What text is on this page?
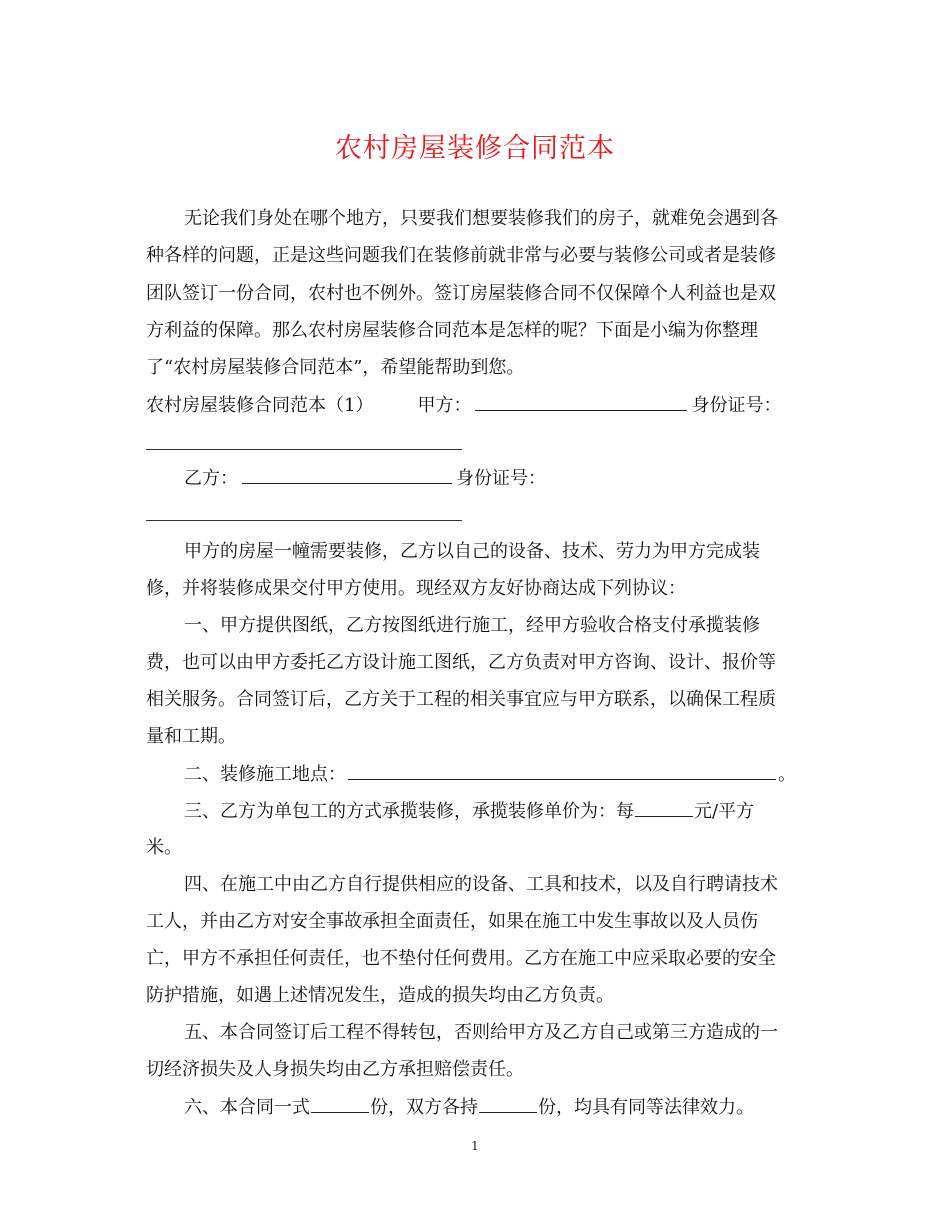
农村房屋装修合同范本

无论我们身处在哪个地方，只要我们想要装修我们的房子，就难免会遇到各

种各样的问题，正是这些问题我们在装修前就非常与必要与装修公司或者是装修

团队签订一份合同，农村也不例外。签订房屋装修合同不仅保障个人利益也是双

方利益的保障。那么农村房屋装修合同范本是怎样的呢？下面是小编为你整理

了“农村房屋装修合同范本”，希望能帮助到您。

农村房屋装修合同范本（1） 甲方：	身份证号：

乙方：	身份证号：

甲方的房屋一幢需要装修，乙方以自己的设备、技术、劳力为甲方完成装

修，并将装修成果交付甲方使用。现经双方友好协商达成下列协议：

一、甲方提供图纸，乙方按图纸进行施工，经甲方验收合格支付承揽装修

费，也可以由甲方委托乙方设计施工图纸，乙方负责对甲方咨询、设计、报价等

相关服务。合同签订后，乙方关于工程的相关事宜应与甲方联系，以确保工程质

量和工期。

二、装修施工地点：	。

三、乙方为单包工的方式承揽装修，承揽装修单价为：每	元/平方

米。

四、在施工中由乙方自行提供相应的设备、工具和技术，以及自行聘请技术

工人，并由乙方对安全事故承担全面责任，如果在施工中发生事故以及人员伤

亡，甲方不承担任何责任，也不垫付任何费用。乙方在施工中应采取必要的安全

防护措施，如遇上述情况发生，造成的损失均由乙方负责。

五、本合同签订后工程不得转包，否则给甲方及乙方自己或第三方造成的一

切经济损失及人身损失均由乙方承担赔偿责任。

六、本合同一式	份，双方各持	份，均具有同等法律效力。

1
